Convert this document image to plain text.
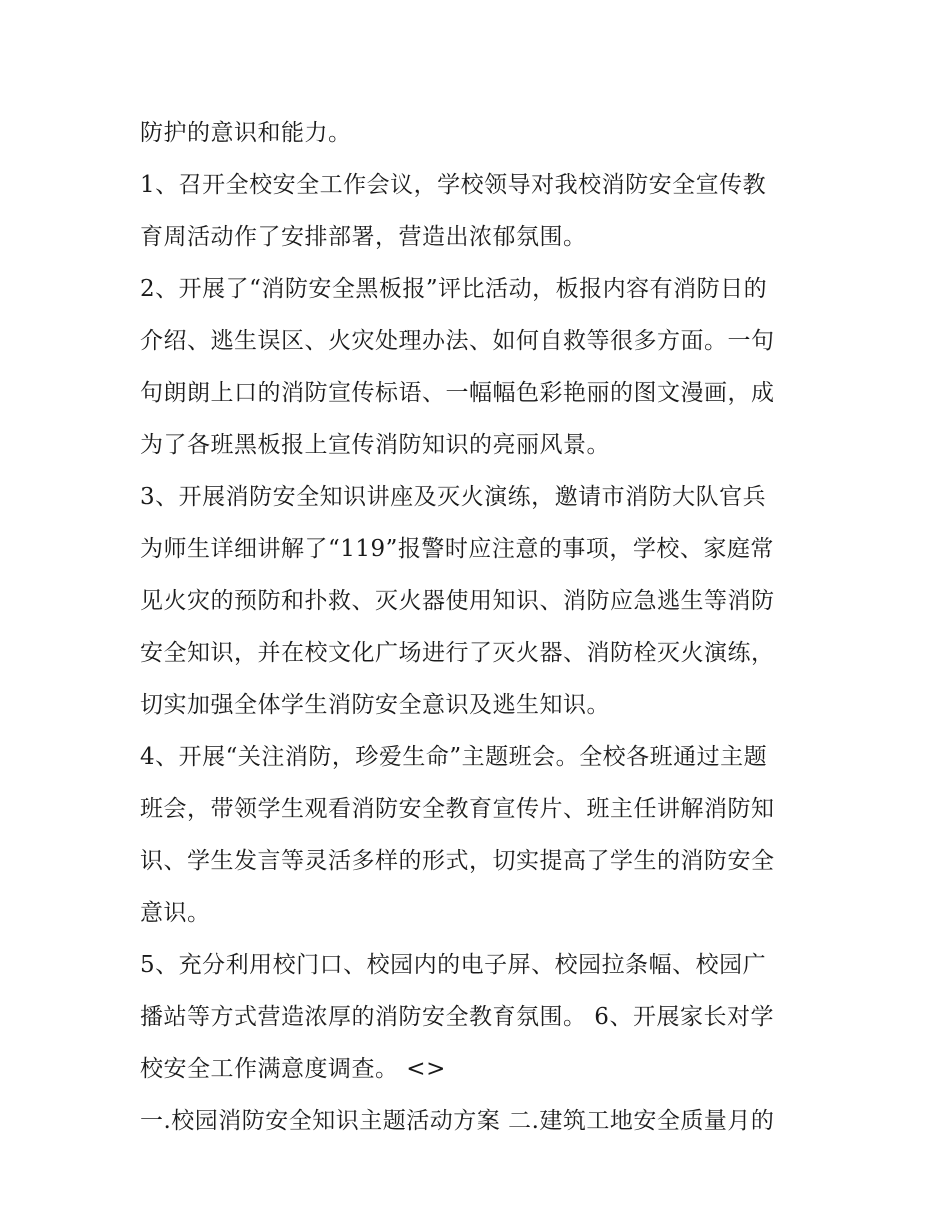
防护的意识和能力。
1、召开全校安全工作会议，学校领导对我校消防安全宣传教
育周活动作了安排部署，营造出浓郁氛围。
2、开展了“消防安全黑板报”评比活动，板报内容有消防日的
介绍、逃生误区、火灾处理办法、如何自救等很多方面。一句
句朗朗上口的消防宣传标语、一幅幅色彩艳丽的图文漫画，成
为了各班黑板报上宣传消防知识的亮丽风景。
3、开展消防安全知识讲座及灭火演练，邀请市消防大队官兵
为师生详细讲解了“119”报警时应注意的事项，学校、家庭常
见火灾的预防和扑救、灭火器使用知识、消防应急逃生等消防
安全知识，并在校文化广场进行了灭火器、消防栓灭火演练，
切实加强全体学生消防安全意识及逃生知识。
4、开展“关注消防，珍爱生命”主题班会。全校各班通过主题
班会，带领学生观看消防安全教育宣传片、班主任讲解消防知
识、学生发言等灵活多样的形式，切实提高了学生的消防安全
意识。
5、充分利用校门口、校园内的电子屏、校园拉条幅、校园广
播站等方式营造浓厚的消防安全教育氛围。 6、开展家长对学
校安全工作满意度调查。 <>
一.校园消防安全知识主题活动方案 二.建筑工地安全质量月的
